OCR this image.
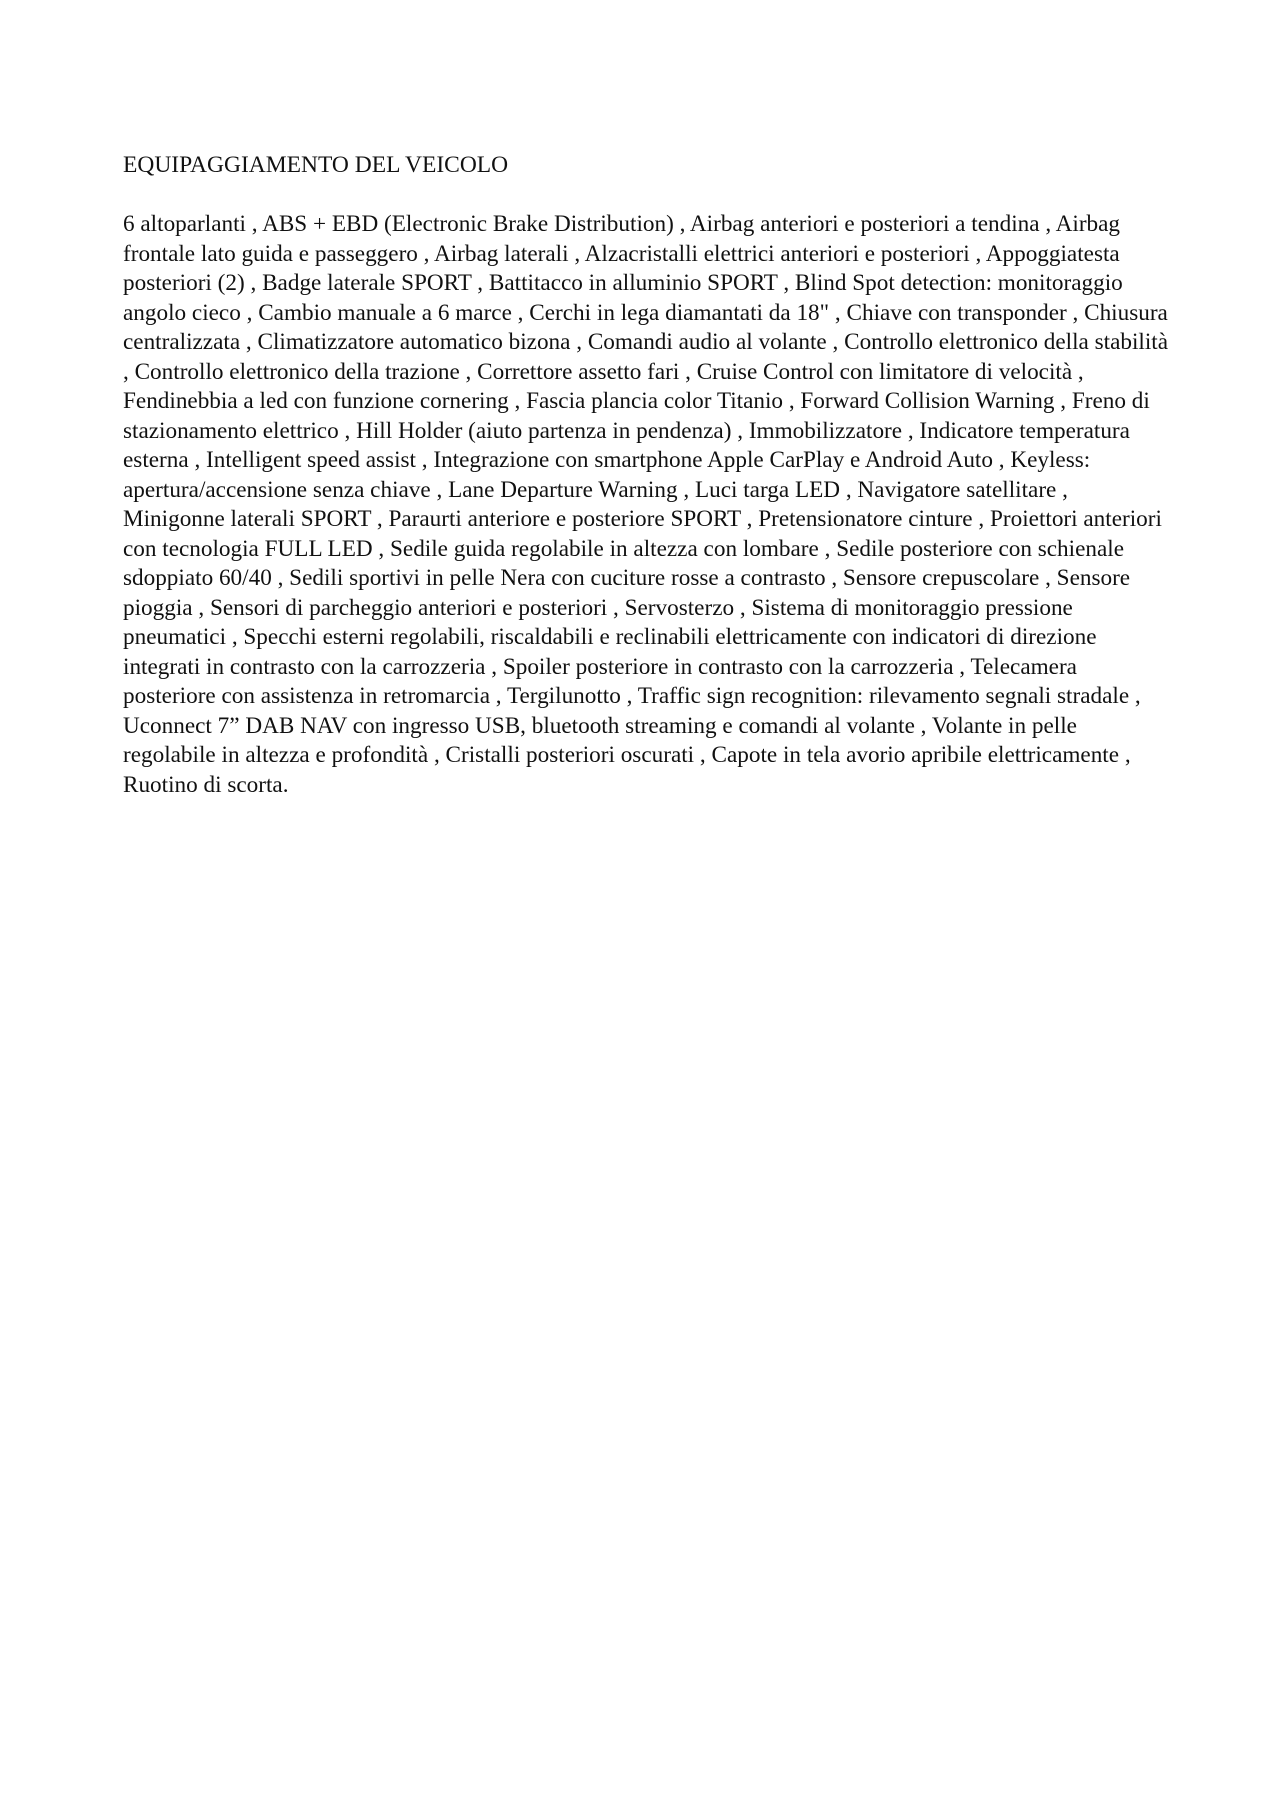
EQUIPAGGIAMENTO DEL VEICOLO

6 altoparlanti , ABS + EBD (Electronic Brake Distribution) , Airbag anteriori e posteriori a tendina , Airbag frontale lato guida e passeggero , Airbag laterali , Alzacristalli elettrici anteriori e posteriori , Appoggiatesta posteriori (2) , Badge laterale SPORT , Battitacco in alluminio SPORT , Blind Spot detection: monitoraggio angolo cieco , Cambio manuale a 6 marce , Cerchi in lega diamantati da 18" , Chiave con transponder , Chiusura centralizzata , Climatizzatore automatico bizona , Comandi audio al volante , Controllo elettronico della stabilità , Controllo elettronico della trazione , Correttore assetto fari , Cruise Control con limitatore di velocità , Fendinebbia a led con funzione cornering , Fascia plancia color Titanio , Forward Collision Warning , Freno di stazionamento elettrico , Hill Holder (aiuto partenza in pendenza) , Immobilizzatore , Indicatore temperatura esterna , Intelligent speed assist , Integrazione con smartphone Apple CarPlay e Android Auto , Keyless: apertura/accensione senza chiave , Lane Departure Warning , Luci targa LED , Navigatore satellitare , Minigonne laterali SPORT , Paraurti anteriore e posteriore SPORT , Pretensionatore cinture , Proiettori anteriori con tecnologia FULL LED , Sedile guida regolabile in altezza con lombare , Sedile posteriore con schienale sdoppiato 60/40 , Sedili sportivi in pelle Nera con cuciture rosse a contrasto , Sensore crepuscolare , Sensore pioggia , Sensori di parcheggio anteriori e posteriori , Servosterzo , Sistema di monitoraggio pressione pneumatici , Specchi esterni regolabili, riscaldabili e reclinabili elettricamente con indicatori di direzione integrati in contrasto con la carrozzeria , Spoiler posteriore in contrasto con la carrozzeria , Telecamera posteriore con assistenza in retromarcia , Tergilunotto , Traffic sign recognition: rilevamento segnali stradale , Uconnect 7” DAB NAV con ingresso USB, bluetooth streaming e comandi al volante , Volante in pelle regolabile in altezza e profondità , Cristalli posteriori oscurati , Capote in tela avorio apribile elettricamente , Ruotino di scorta.
